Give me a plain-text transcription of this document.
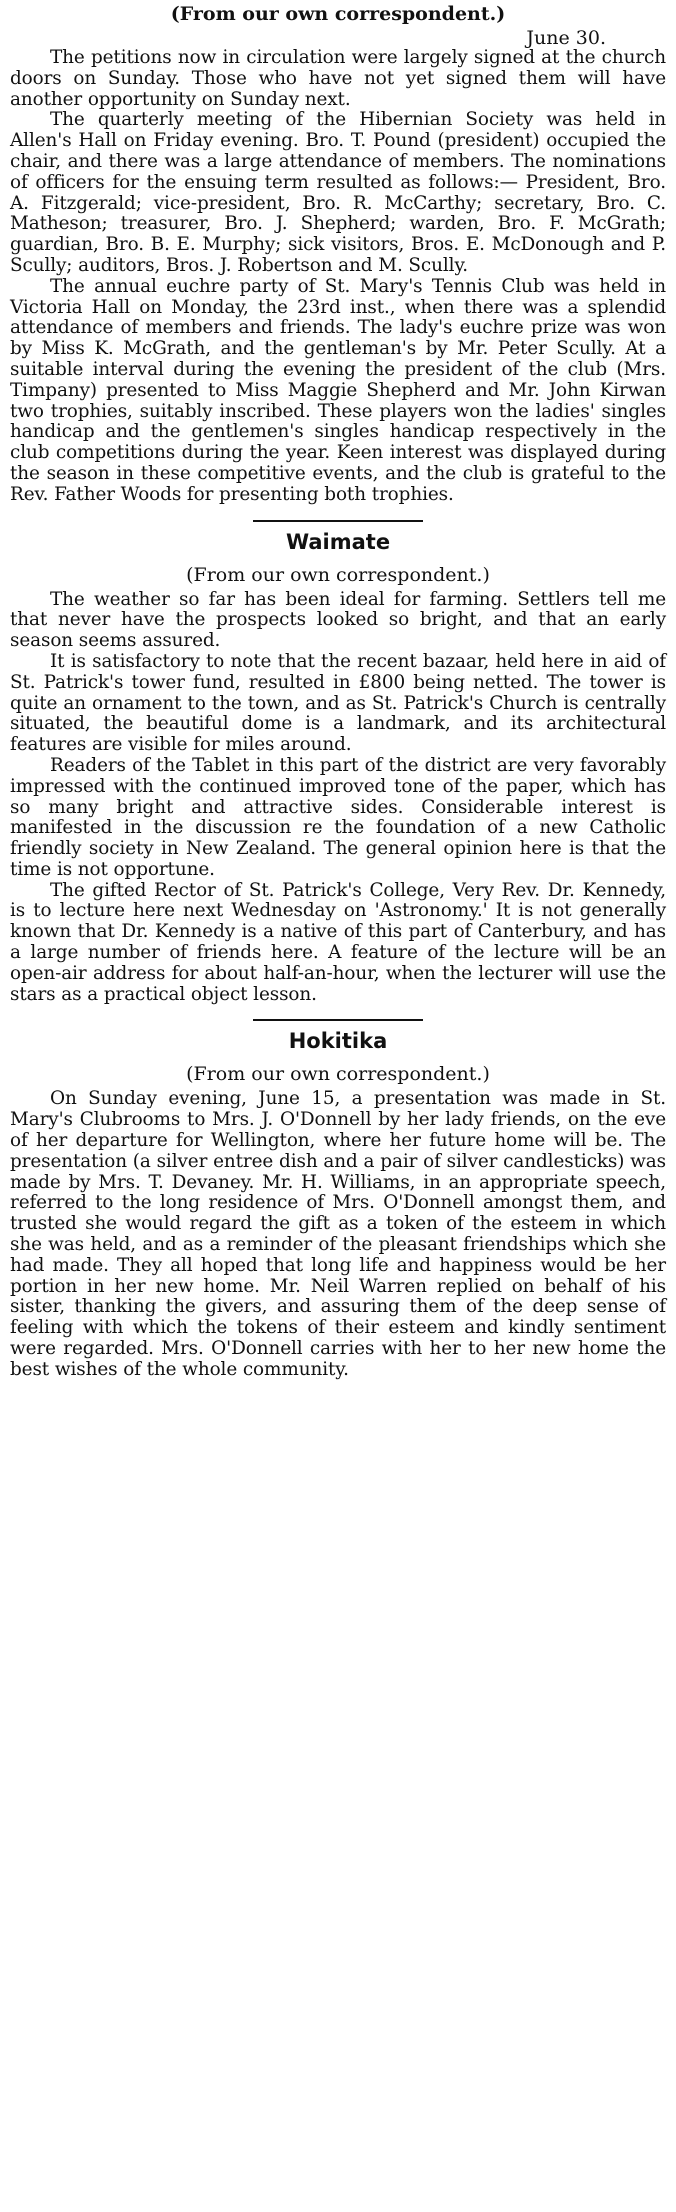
(From our own correspondent.)

June 30.

The petitions now in circulation were largely signed at the church doors on Sunday. Those who have not yet signed them will have another opportunity on Sunday next.

The quarterly meeting of the Hibernian Society was held in Allen's Hall on Friday evening. Bro. T. Pound (president) occupied the chair, and there was a large attendance of members. The nominations of officers for the ensuing term resulted as follows:— President, Bro. A. Fitzgerald; vice-president, Bro. R. McCarthy; secretary, Bro. C. Matheson; treasurer, Bro. J. Shepherd; warden, Bro. F. McGrath; guardian, Bro. B. E. Murphy; sick visitors, Bros. E. McDonough and P. Scully; auditors, Bros. J. Robertson and M. Scully.

The annual euchre party of St. Mary's Tennis Club was held in Victoria Hall on Monday, the 23rd inst., when there was a splendid attendance of members and friends. The lady's euchre prize was won by Miss K. McGrath, and the gentleman's by Mr. Peter Scully. At a suitable interval during the evening the president of the club (Mrs. Timpany) presented to Miss Maggie Shepherd and Mr. John Kirwan two trophies, suitably inscribed. These players won the ladies' singles handicap and the gentlemen's singles handicap respectively in the club competitions during the year. Keen interest was displayed during the season in these competitive events, and the club is grateful to the Rev. Father Woods for presenting both trophies.

Waimate

(From our own correspondent.)

The weather so far has been ideal for farming. Settlers tell me that never have the prospects looked so bright, and that an early season seems assured.

It is satisfactory to note that the recent bazaar, held here in aid of St. Patrick's tower fund, resulted in £800 being netted. The tower is quite an ornament to the town, and as St. Patrick's Church is centrally situated, the beautiful dome is a landmark, and its architectural features are visible for miles around.

Readers of the Tablet in this part of the district are very favorably impressed with the continued improved tone of the paper, which has so many bright and attractive sides. Considerable interest is manifested in the discussion re the foundation of a new Catholic friendly society in New Zealand. The general opinion here is that the time is not opportune.

The gifted Rector of St. Patrick's College, Very Rev. Dr. Kennedy, is to lecture here next Wednesday on 'Astronomy.' It is not generally known that Dr. Kennedy is a native of this part of Canterbury, and has a large number of friends here. A feature of the lecture will be an open-air address for about half-an-hour, when the lecturer will use the stars as a practical object lesson.

Hokitika

(From our own correspondent.)

On Sunday evening, June 15, a presentation was made in St. Mary's Clubrooms to Mrs. J. O'Donnell by her lady friends, on the eve of her departure for Wellington, where her future home will be. The presentation (a silver entree dish and a pair of silver candlesticks) was made by Mrs. T. Devaney. Mr. H. Williams, in an appropriate speech, referred to the long residence of Mrs. O'Donnell amongst them, and trusted she would regard the gift as a token of the esteem in which she was held, and as a reminder of the pleasant friendships which she had made. They all hoped that long life and happiness would be her portion in her new home. Mr. Neil Warren replied on behalf of his sister, thanking the givers, and assuring them of the deep sense of feeling with which the tokens of their esteem and kindly sentiment were regarded. Mrs. O'Donnell carries with her to her new home the best wishes of the whole community.
